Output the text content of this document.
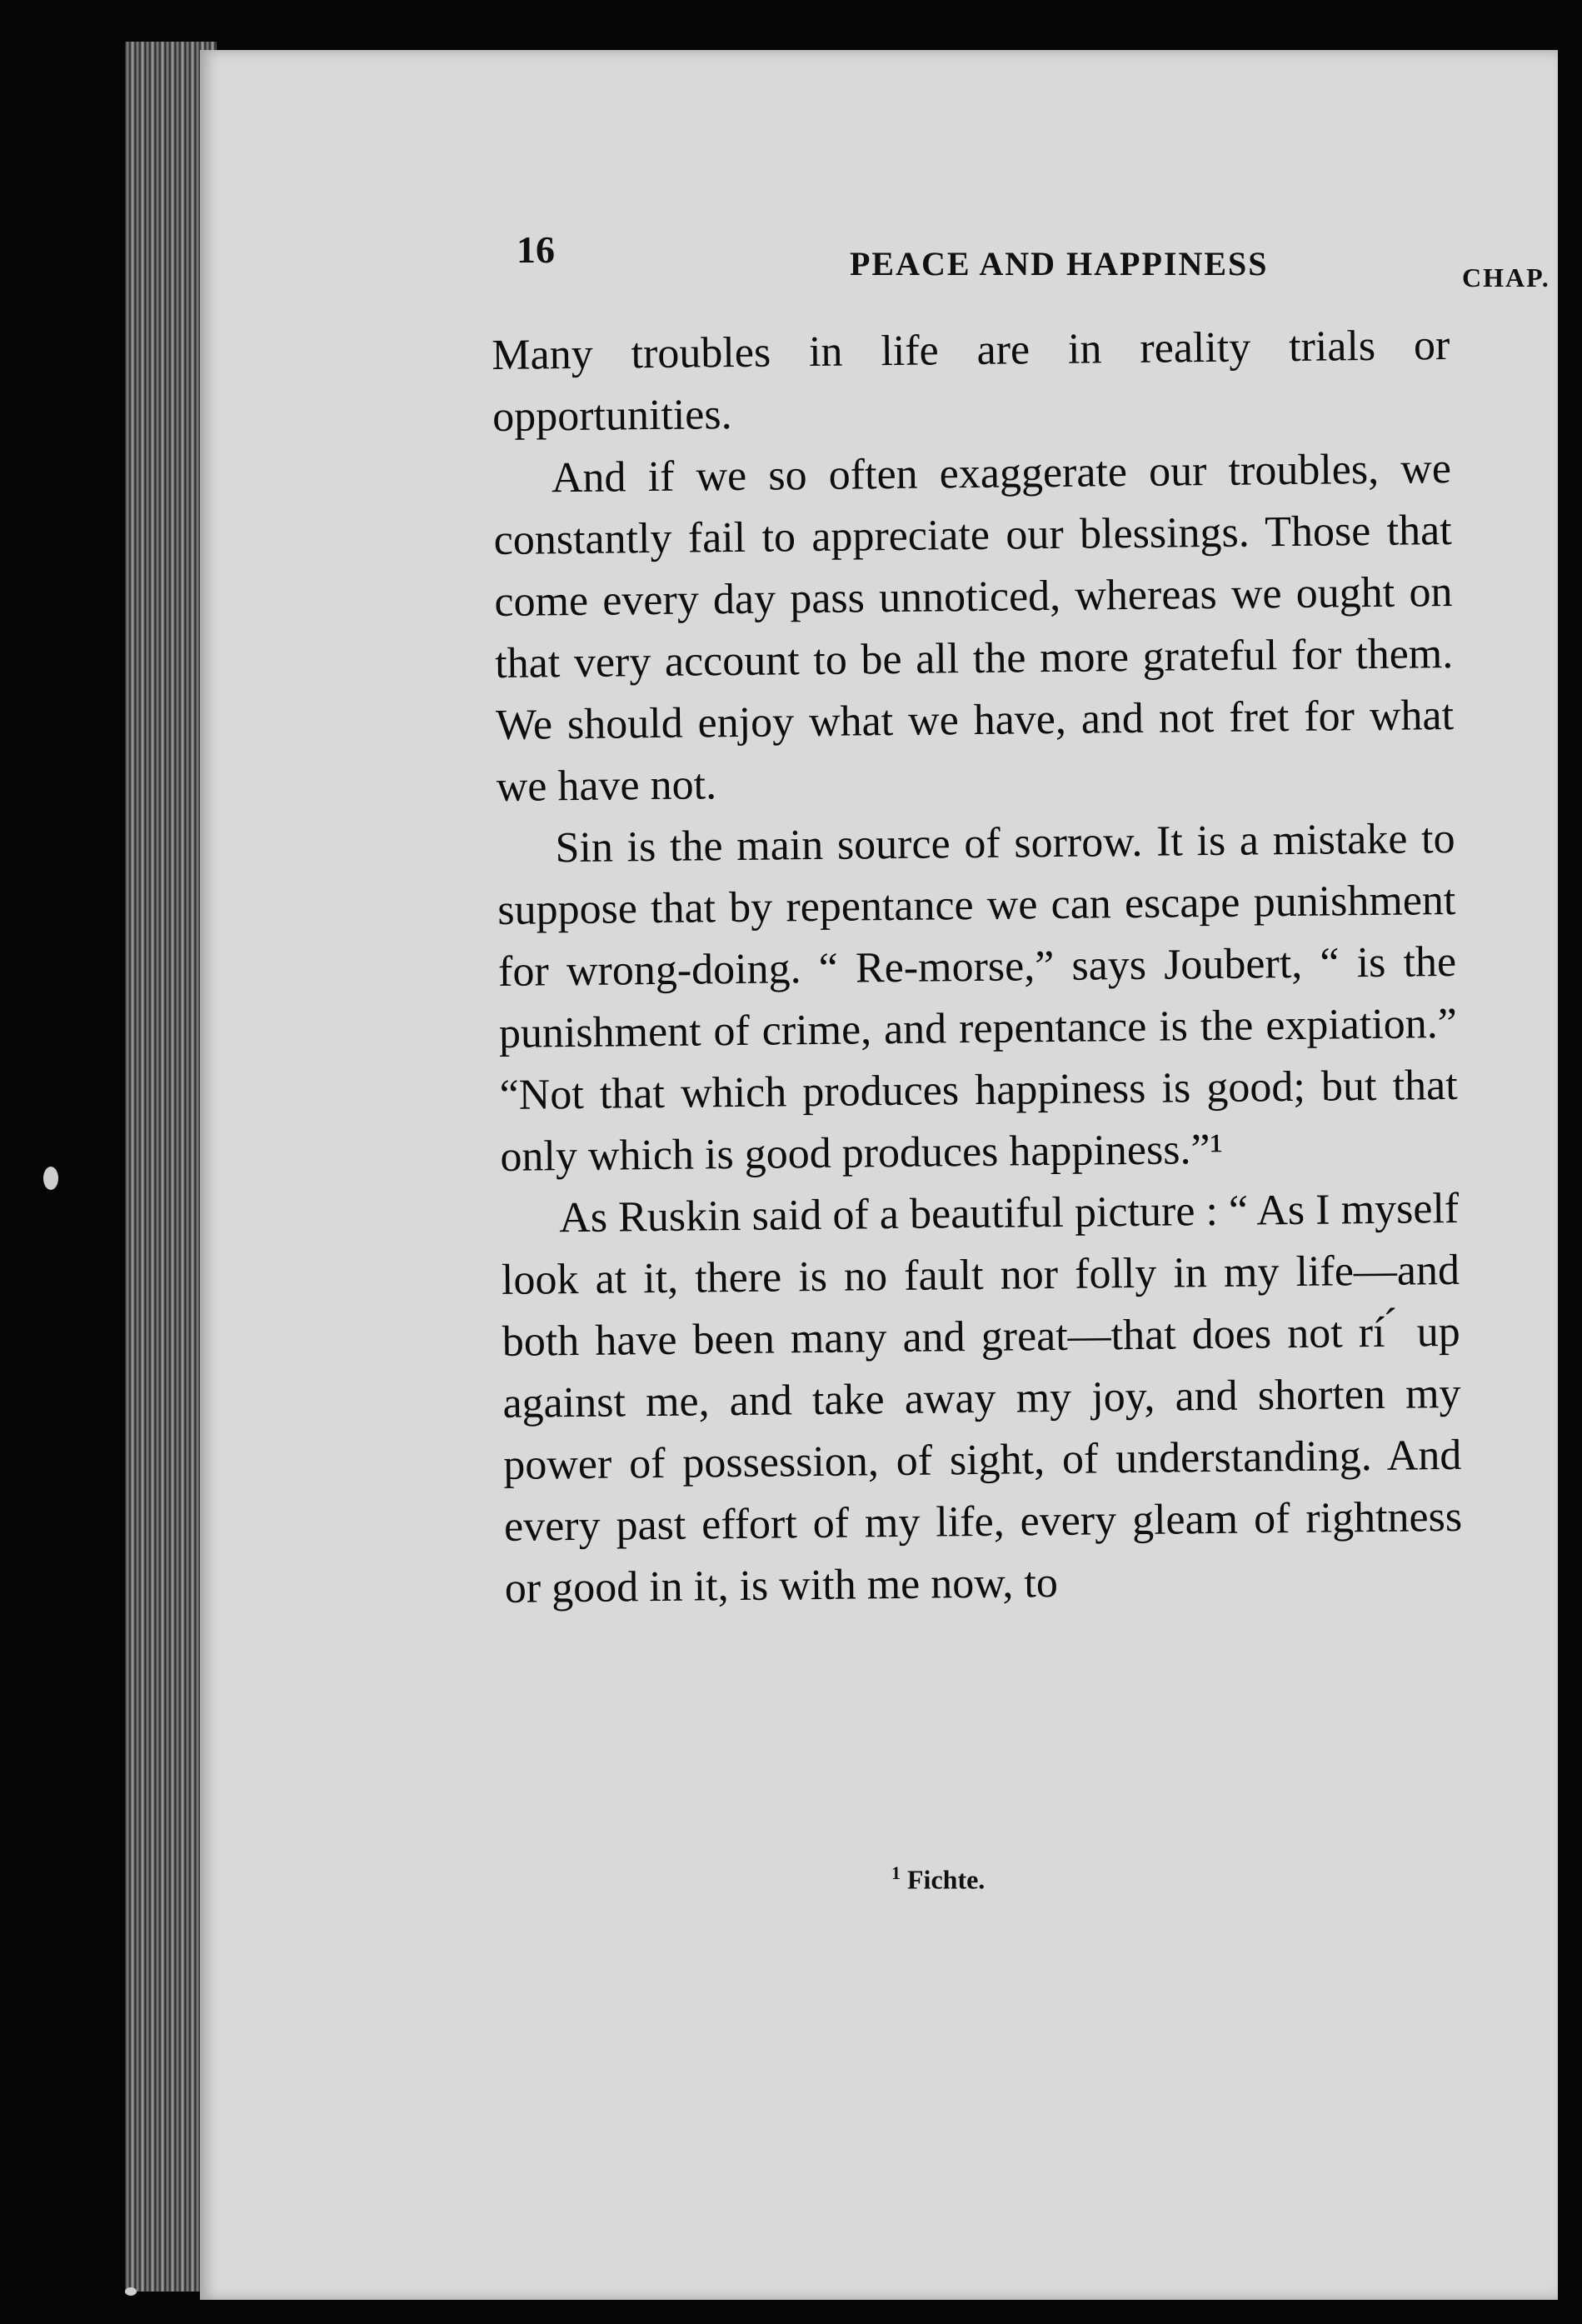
16	PEACE AND HAPPINESS	CHAP.

Many troubles in life are in reality trials or opportunities.

And if we so often exaggerate our troubles, we constantly fail to appreciate our blessings. Those that come every day pass unnoticed, whereas we ought on that very account to be all the more grateful for them. We should enjoy what we have, and not fret for what we have not.

Sin is the main source of sorrow. It is a mistake to suppose that by repentance we can escape punishment for wrong-doing. “ Re-morse,” says Joubert, “ is the punishment of crime, and repentance is the expiation.” “Not that which produces happiness is good; but that only which is good produces happiness.”¹

As Ruskin said of a beautiful picture : “ As I myself look at it, there is no fault nor folly in my life—and both have been many and great—that does not rí ́ up against me, and take away my joy, and shorten my power of possession, of sight, of understanding. And every past effort of my life, every gleam of rightness or good in it, is with me now, to

$^1$ Fichte.
